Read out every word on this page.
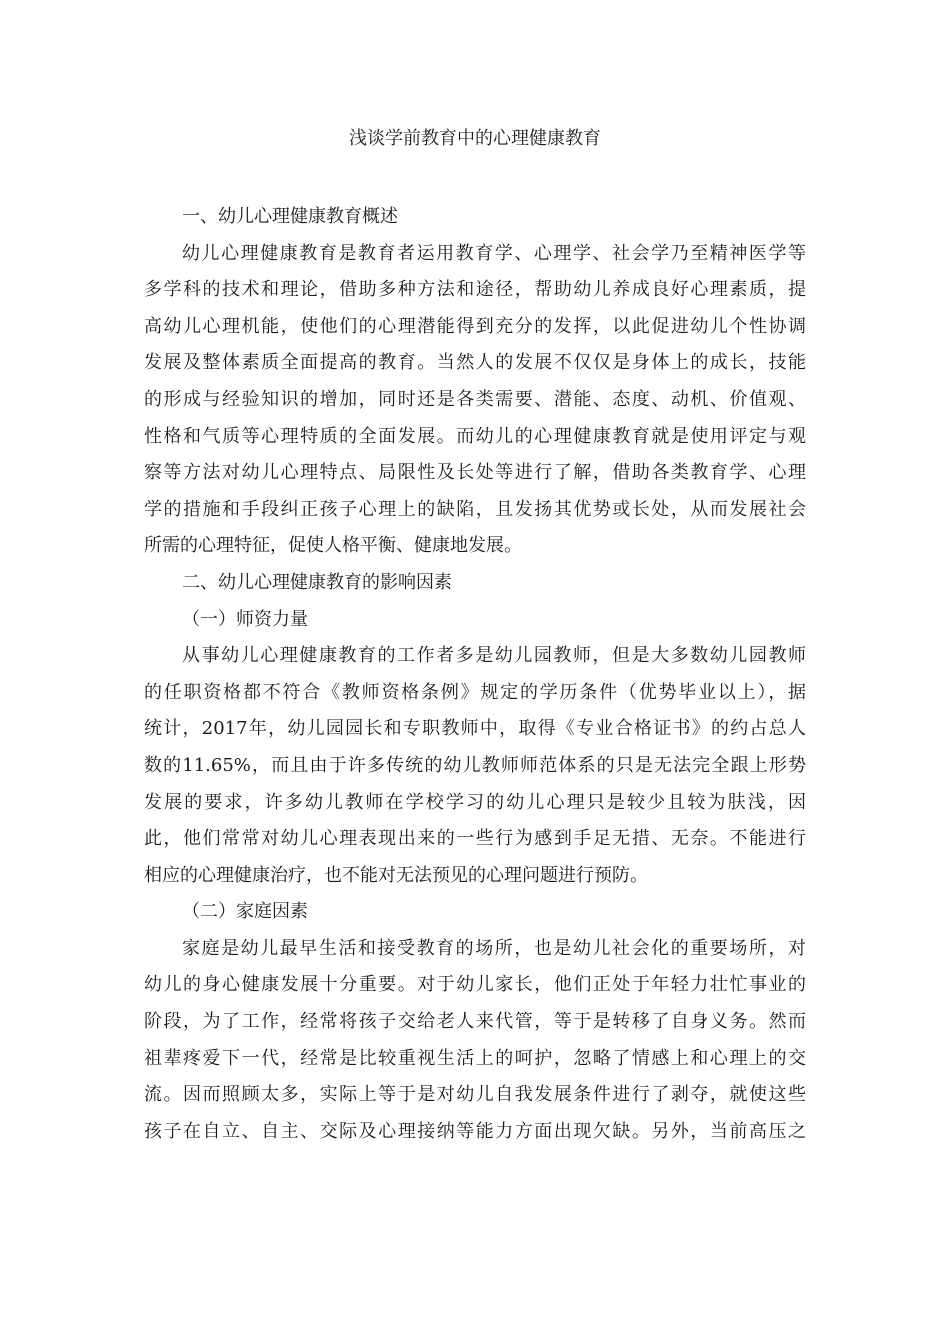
浅谈学前教育中的心理健康教育
一、幼儿心理健康教育概述
幼儿心理健康教育是教育者运用教育学、心理学、社会学乃至精神医学等
多学科的技术和理论，借助多种方法和途径，帮助幼儿养成良好心理素质，提
高幼儿心理机能，使他们的心理潜能得到充分的发挥，以此促进幼儿个性协调
发展及整体素质全面提高的教育。当然人的发展不仅仅是身体上的成长，技能
的形成与经验知识的增加，同时还是各类需要、潜能、态度、动机、价值观、
性格和气质等心理特质的全面发展。而幼儿的心理健康教育就是使用评定与观
察等方法对幼儿心理特点、局限性及长处等进行了解，借助各类教育学、心理
学的措施和手段纠正孩子心理上的缺陷，且发扬其优势或长处，从而发展社会
所需的心理特征，促使人格平衡、健康地发展。
二、幼儿心理健康教育的影响因素
（一）师资力量
从事幼儿心理健康教育的工作者多是幼儿园教师，但是大多数幼儿园教师
的任职资格都不符合《教师资格条例》规定的学历条件（优势毕业以上），据
统计，2017年，幼儿园园长和专职教师中，取得《专业合格证书》的约占总人
数的11.65%，而且由于许多传统的幼儿教师师范体系的只是无法完全跟上形势
发展的要求，许多幼儿教师在学校学习的幼儿心理只是较少且较为肤浅，因
此，他们常常对幼儿心理表现出来的一些行为感到手足无措、无奈。不能进行
相应的心理健康治疗，也不能对无法预见的心理问题进行预防。
（二）家庭因素
家庭是幼儿最早生活和接受教育的场所，也是幼儿社会化的重要场所，对
幼儿的身心健康发展十分重要。对于幼儿家长，他们正处于年轻力壮忙事业的
阶段，为了工作，经常将孩子交给老人来代管，等于是转移了自身义务。然而
祖辈疼爱下一代，经常是比较重视生活上的呵护，忽略了情感上和心理上的交
流。因而照顾太多，实际上等于是对幼儿自我发展条件进行了剥夺，就使这些
孩子在自立、自主、交际及心理接纳等能力方面出现欠缺。另外，当前高压之
